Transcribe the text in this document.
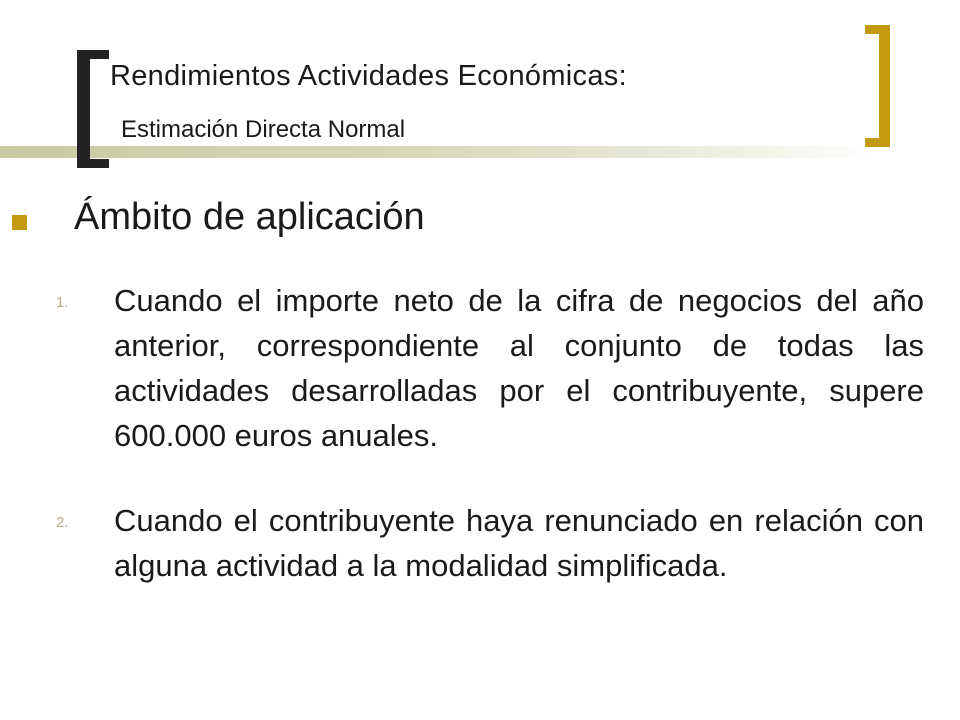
Rendimientos Actividades Económicas:
Estimación Directa Normal
Ámbito de aplicación
1. Cuando el importe neto de la cifra de negocios del año anterior, correspondiente al conjunto de todas las actividades desarrolladas por el contribuyente, supere 600.000 euros anuales.
2. Cuando el contribuyente haya renunciado en relación con alguna actividad a la modalidad simplificada.
